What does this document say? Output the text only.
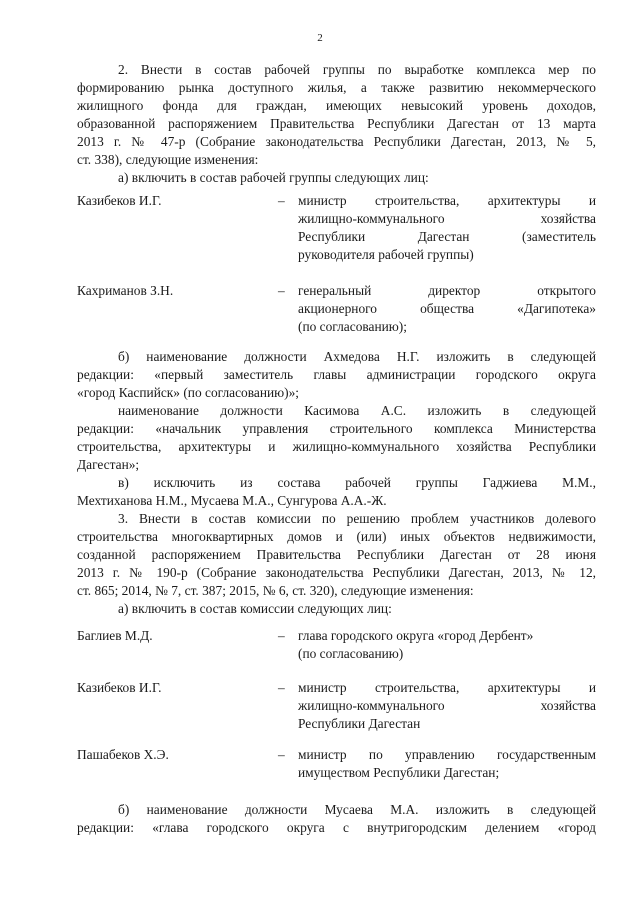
2
2. Внести в состав рабочей группы по выработке комплекса мер по
формированию рынка доступного жилья, а также развитию некоммерческого
жилищного фонда для граждан, имеющих невысокий уровень доходов,
образованной распоряжением Правительства Республики Дагестан от 13 марта
2013 г. № 47-р (Собрание законодательства Республики Дагестан, 2013, № 5,
ст. 338), следующие изменения:
а) включить в состав рабочей группы следующих лиц:
Казибеков И.Г.	– министр строительства, архитектуры и
жилищно-коммунального хозяйства
Республики Дагестан (заместитель
руководителя рабочей группы)
Кахриманов З.Н.	– генеральный директор открытого
акционерного общества «Дагипотека»
(по согласованию);
б) наименование должности Ахмедова Н.Г. изложить в следующей
редакции: «первый заместитель главы администрации городского округа
«город Каспийск» (по согласованию)»;
наименование должности Касимова А.С. изложить в следующей
редакции: «начальник управления строительного комплекса Министерства
строительства, архитектуры и жилищно-коммунального хозяйства Республики
Дагестан»;
в) исключить из состава рабочей группы Гаджиева М.М.,
Мехтиханова Н.М., Мусаева М.А., Сунгурова А.А.-Ж.
3. Внести в состав комиссии по решению проблем участников долевого
строительства многоквартирных домов и (или) иных объектов недвижимости,
созданной распоряжением Правительства Республики Дагестан от 28 июня
2013 г. № 190-р (Собрание законодательства Республики Дагестан, 2013, № 12,
ст. 865; 2014, № 7, ст. 387; 2015, № 6, ст. 320), следующие изменения:
а) включить в состав комиссии следующих лиц:
Баглиев М.Д.	– глава городского округа «город Дербент»
(по согласованию)
Казибеков И.Г.	– министр строительства, архитектуры и
жилищно-коммунального хозяйства
Республики Дагестан
Пашабеков Х.Э.	– министр по управлению государственным
имуществом Республики Дагестан;
б) наименование должности Мусаева М.А. изложить в следующей
редакции: «глава городского округа с внутригородским делением «город
